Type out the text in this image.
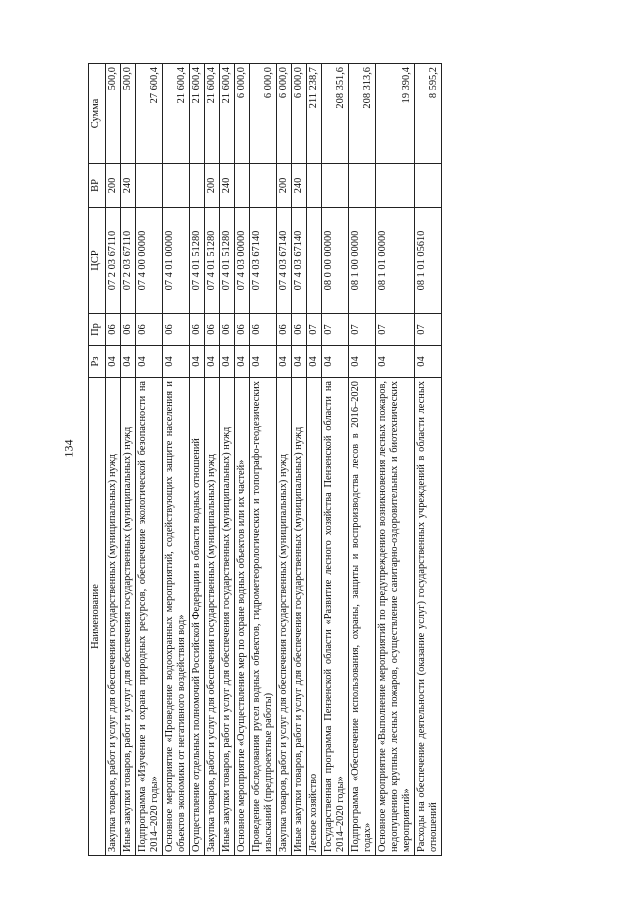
134
Наименование	Рз	Пр	ЦСР	ВР	Сумма
Закупка товаров, работ и услуг для обеспечения государственных (муниципальных) нужд	04	06	07 2 03 67110	200	500,0
Иные закупки товаров, работ и услуг для обеспечения государственных (муниципальных) нужд	04	06	07 2 03 67110	240	500,0
Подпрограмма «Изучение и охрана природных ресурсов, обеспечение экологической безопасности на 2014–2020 годы»	04	06	07 4 00 00000		27 600,4
Основное мероприятие «Проведение водоохранных мероприятий, содействующих защите населения и объектов экономики от негативного воздействия вод»	04	06	07 4 01 00000		21 600,4
Осуществление отдельных полномочий Российской Федерации в области водных отношений	04	06	07 4 01 51280		21 600,4
Закупка товаров, работ и услуг для обеспечения государственных (муниципальных) нужд	04	06	07 4 01 51280	200	21 600,4
Иные закупки товаров, работ и услуг для обеспечения государственных (муниципальных) нужд	04	06	07 4 01 51280	240	21 600,4
Основное мероприятие «Осуществление мер по охране водных объектов или их частей»	04	06	07 4 03 00000		6 000,0
Проведение обследования русел водных объектов, гидрометеорологических и топографо-геодезических изысканий (предпроектные работы)	04	06	07 4 03 67140		6 000,0
Закупка товаров, работ и услуг для обеспечения государственных (муниципальных) нужд	04	06	07 4 03 67140	200	6 000,0
Иные закупки товаров, работ и услуг для обеспечения государственных (муниципальных) нужд	04	06	07 4 03 67140	240	6 000,0
Лесное хозяйство	04	07			211 238,7
Государственная программа Пензенской области «Развитие лесного хозяйства Пензенской области на 2014–2020 годы»	04	07	08 0 00 00000		208 351,6
Подпрограмма «Обеспечение использования, охраны, защиты и воспроизводства лесов в 2016–2020 годах»	04	07	08 1 00 00000		208 313,6
Основное мероприятие «Выполнение мероприятий по предупреждению возникновения лесных пожаров, недопущению крупных лесных пожаров, осуществление санитарно-оздоровительных и биотехнических мероприятий»	04	07	08 1 01 00000		19 390,4
Расходы на обеспечение деятельности (оказание услуг) государственных учреждений в области лесных отношений	04	07	08 1 01 05610		8 595,2
